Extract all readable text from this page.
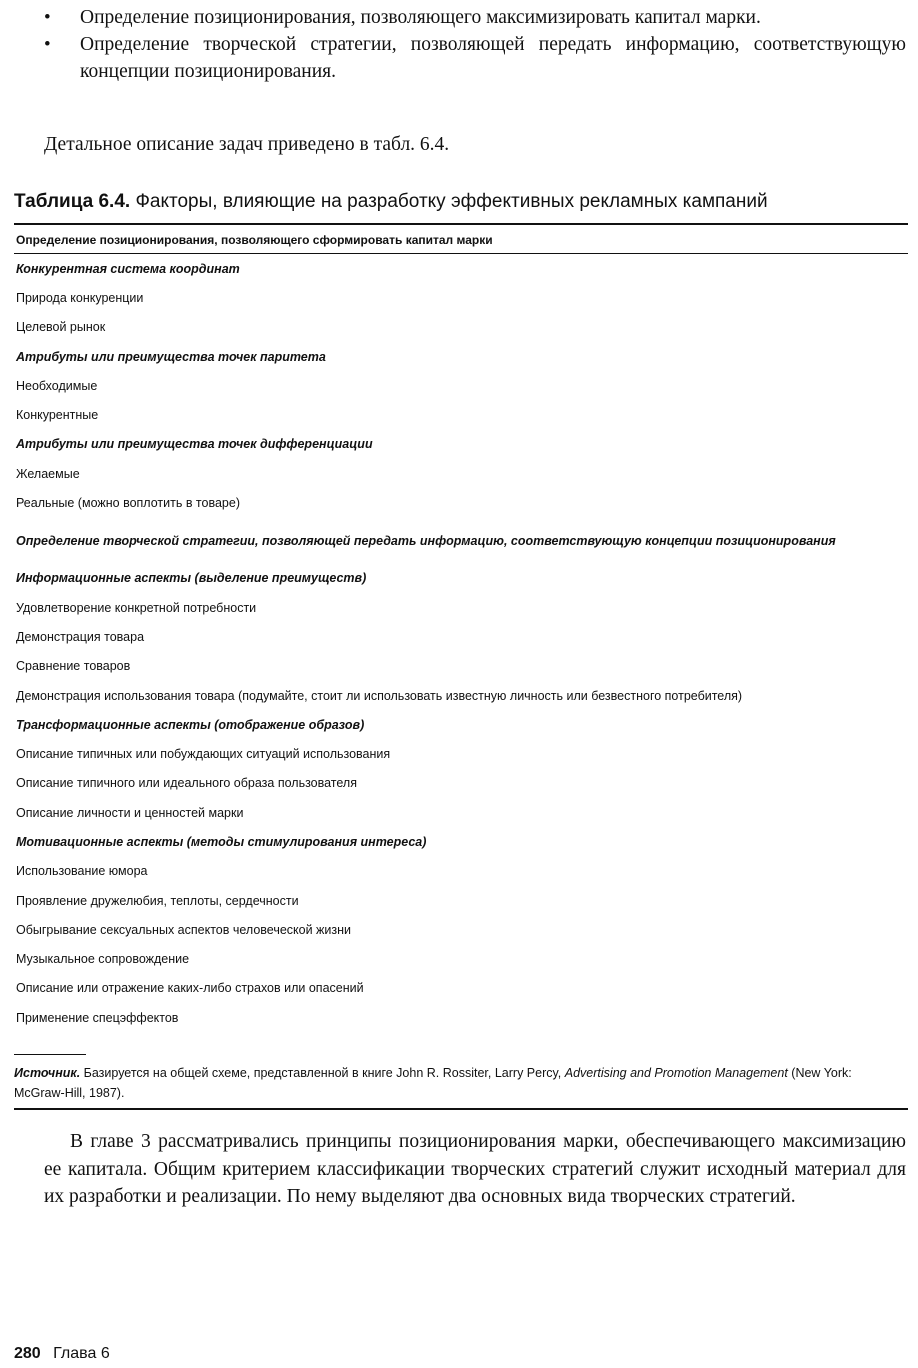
• Определение позиционирования, позволяющего максимизировать капитал марки.
• Определение творческой стратегии, позволяющей передать информацию, соответствующую концепции позиционирования.
Детальное описание задач приведено в табл. 6.4.
Таблица 6.4. Факторы, влияющие на разработку эффективных рекламных кампаний
Определение позиционирования, позволяющего сформировать капитал марки
Конкурентная система координат
Природа конкуренции
Целевой рынок
Атрибуты или преимущества точек паритета
Необходимые
Конкурентные
Атрибуты или преимущества точек дифференциации
Желаемые
Реальные (можно воплотить в товаре)
Определение творческой стратегии, позволяющей передать информацию, соответствующую концепции позиционирования
Информационные аспекты (выделение преимуществ)
Удовлетворение конкретной потребности
Демонстрация товара
Сравнение товаров
Демонстрация использования товара (подумайте, стоит ли использовать известную личность или безвестного потребителя)
Трансформационные аспекты (отображение образов)
Описание типичных или побуждающих ситуаций использования
Описание типичного или идеального образа пользователя
Описание личности и ценностей марки
Мотивационные аспекты (методы стимулирования интереса)
Использование юмора
Проявление дружелюбия, теплоты, сердечности
Обыгрывание сексуальных аспектов человеческой жизни
Музыкальное сопровождение
Описание или отражение каких-либо страхов или опасений
Применение спецэффектов
Источник. Базируется на общей схеме, представленной в книге John R. Rossiter, Larry Percy, Advertising and Promotion Management (New York: McGraw-Hill, 1987).

В главе 3 рассматривались принципы позиционирования марки, обеспечивающего максимизацию ее капитала. Общим критерием классификации творческих стратегий служит исходный материал для их разработки и реализации. По нему выделяют два основных вида творческих стратегий.

280 Глава 6
